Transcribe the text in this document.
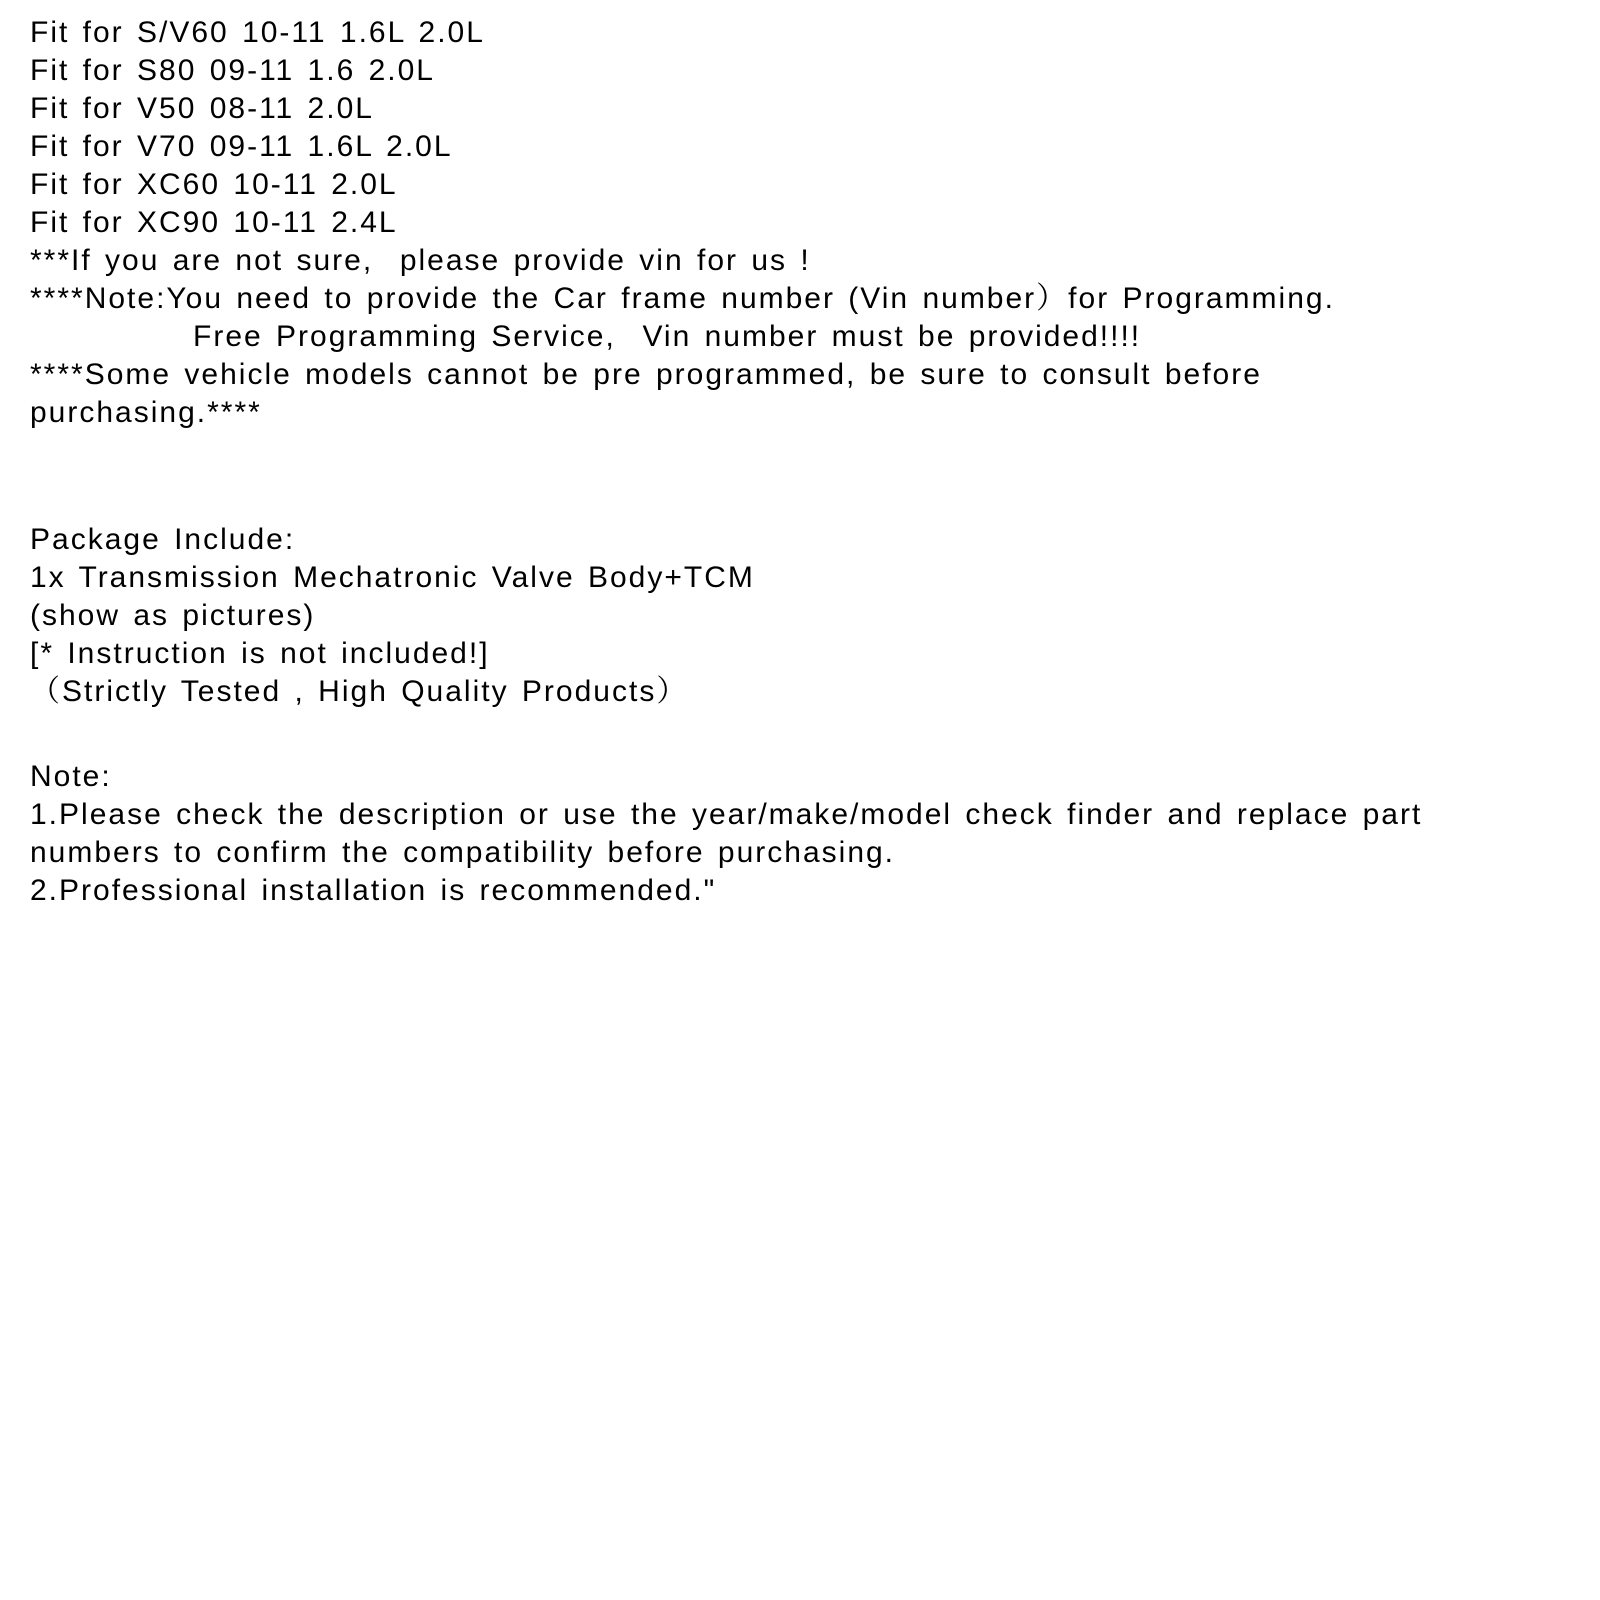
Fit for S/V60 10-11 1.6L 2.0L
Fit for S80 09-11 1.6 2.0L
Fit for V50 08-11 2.0L
Fit for V70 09-11 1.6L 2.0L
Fit for XC60 10-11 2.0L
Fit for XC90 10-11 2.4L
***If you are not sure,  please provide vin for us !
****Note:You need to provide the Car frame number (Vin number）for Programming.
Free Programming Service,  Vin number must be provided!!!!
****Some vehicle models cannot be pre programmed, be sure to consult before
purchasing.****
Package Include:
1x Transmission Mechatronic Valve Body+TCM
(show as pictures)
[* Instruction is not included!]
（Strictly Tested , High Quality Products）
Note:
1.Please check the description or use the year/make/model check finder and replace part
numbers to confirm the compatibility before purchasing.
2.Professional installation is recommended."
